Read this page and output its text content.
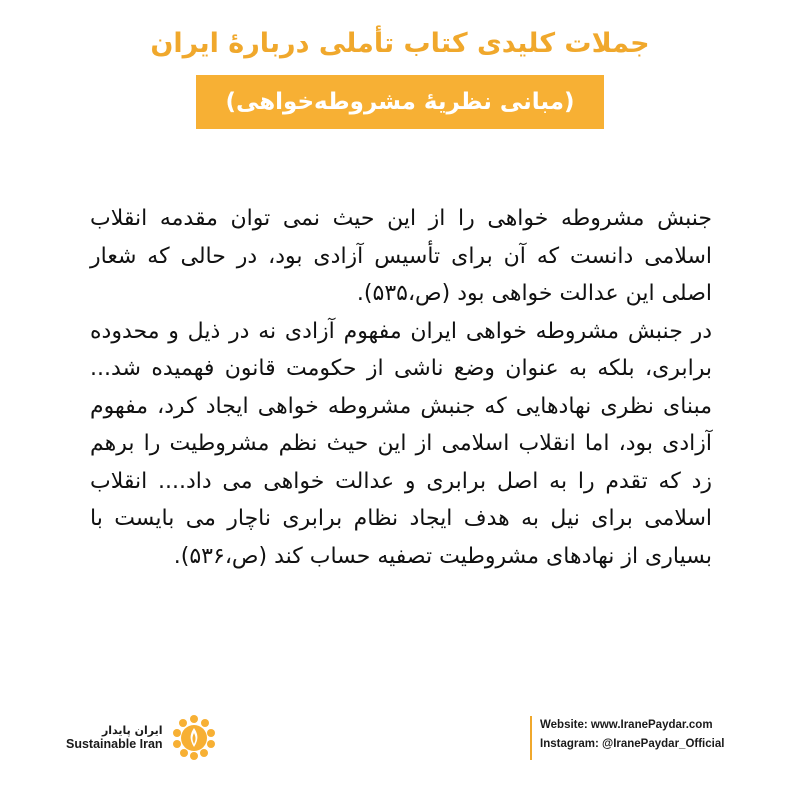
جملات کلیدی کتاب تأملی دربارهٔ ایران
(مبانی نظریهٔ مشروطه‌خواهی)

جنبش مشروطه خواهی را از این حیث نمی توان مقدمه انقلاب اسلامی دانست که آن برای تأسیس آزادی بود، در حالی که شعار اصلی این عدالت خواهی بود (ص،۵۳۵).

در جنبش مشروطه خواهی ایران مفهوم آزادی نه در ذیل و محدوده برابری، بلکه به عنوان وضع ناشی از حکومت قانون فهمیده شد... مبنای نظری نهادهایی که جنبش مشروطه خواهی ایجاد کرد، مفهوم آزادی بود، اما انقلاب اسلامی از این حیث نظم مشروطیت را برهم زد که تقدم را به اصل برابری و عدالت خواهی می داد.... انقلاب اسلامی برای نیل به هدف ایجاد نظام برابری ناچار می بایست با بسیاری از نهادهای مشروطیت تصفیه حساب کند (ص،۵۳۶).

ایران پایدار
Sustainable Iran
Website: www.IranePaydar.com
Instagram: @IranePaydar_Official
